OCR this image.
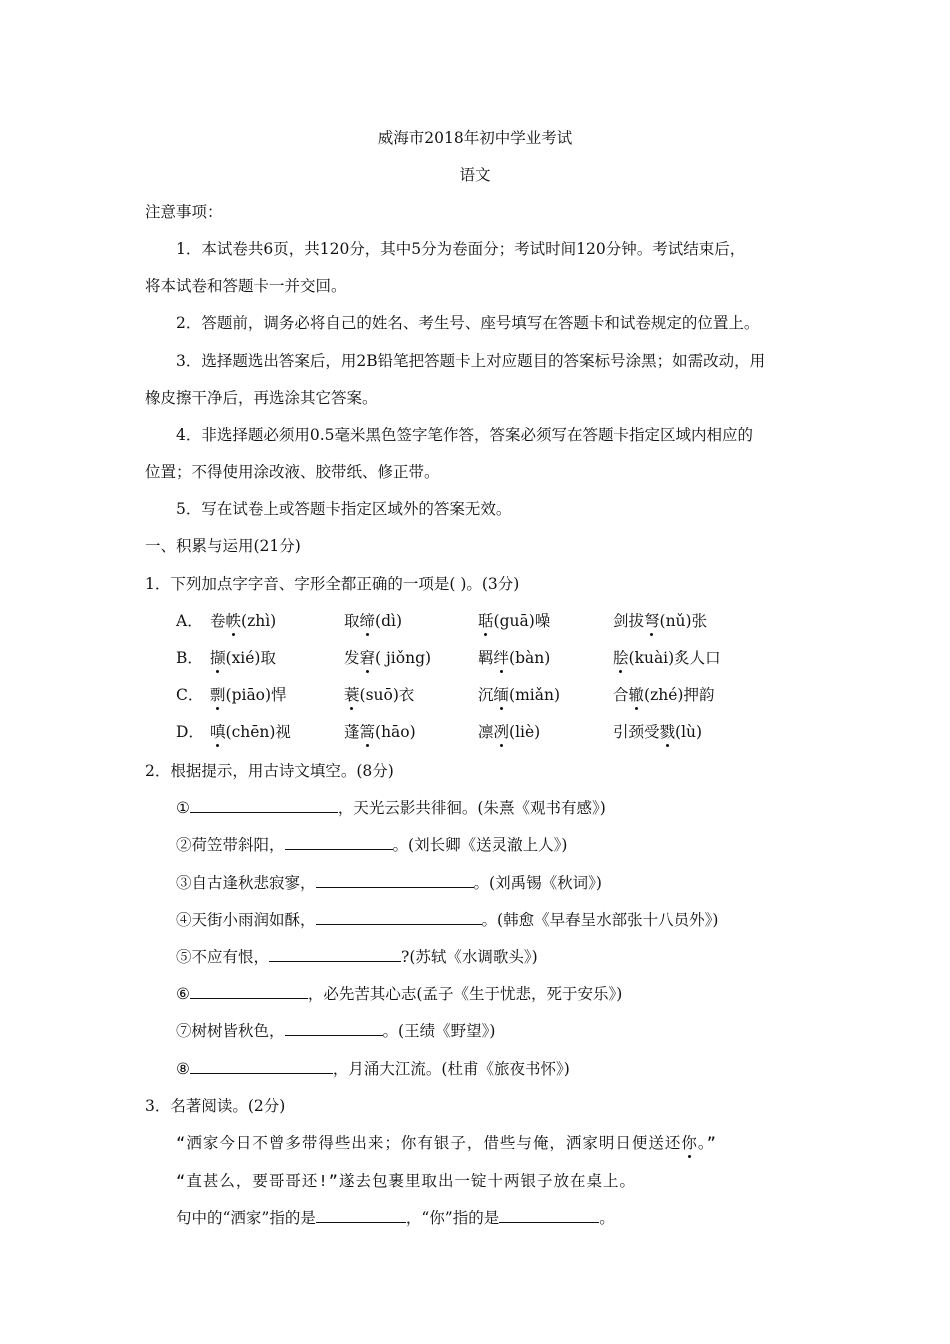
威海市2018年初中学业考试
语文
注意事项：
1．本试卷共6页，共120分，其中5分为卷面分；考试时间120分钟。考试结束后，
将本试卷和答题卡一并交回。
2．答题前，调务必将自己的姓名、考生号、座号填写在答题卡和试卷规定的位置上。
3．选择题选出答案后，用2B铅笔把答题卡上对应题目的答案标号涂黑；如需改动，用
橡皮擦干净后，再选涂其它答案。
4．非选择题必须用0.5毫米黑色签字笔作答，答案必须写在答题卡指定区域内相应的
位置；不得使用涂改液、胶带纸、修正带。
5．写在试卷上或答题卡指定区域外的答案无效。
一、积累与运用(21分)
1．下列加点字字音、字形全都正确的一项是( )。(3分)
A． 卷帙(zhì)	取缔(dì)	聒(guā)噪	剑拔弩(nǔ)张
B． 撷(xié)取	发窘( jiǒng)	羁绊(bàn)	脍(kuài)炙人口
C． 剽(piāo)悍	蓑(suō)衣	沉缅(miǎn)	合辙(zhé)押韵
D． 嗔(chēn)视	蓬篙(hāo)	凛冽(liè)	引颈受戮(lù)
2．根据提示，用古诗文填空。(8分)
①	，天光云影共徘徊。(朱熹《观书有感》)
②荷笠带斜阳，	。(刘长卿《送灵澈上人》)
③自古逢秋悲寂寥，	。(刘禹锡《秋词》)
④天街小雨润如酥，	。(韩愈《早春呈水部张十八员外》)
⑤不应有恨，	?(苏轼《水调歌头》)
⑥	，必先苦其心志(孟子《生于忧悲，死于安乐》)
⑦树树皆秋色，	。(王绩《野望》)
⑧	，月涌大江流。(杜甫《旅夜书怀》)
3．名著阅读。(2分)
“洒家今日不曾多带得些出来；你有银子，借些与俺，洒家明日便送还你。”
“直甚么，要哥哥还!”遂去包裹里取出一锭十两银子放在桌上。
句中的“洒家”指的是	，“你”指的是	。
